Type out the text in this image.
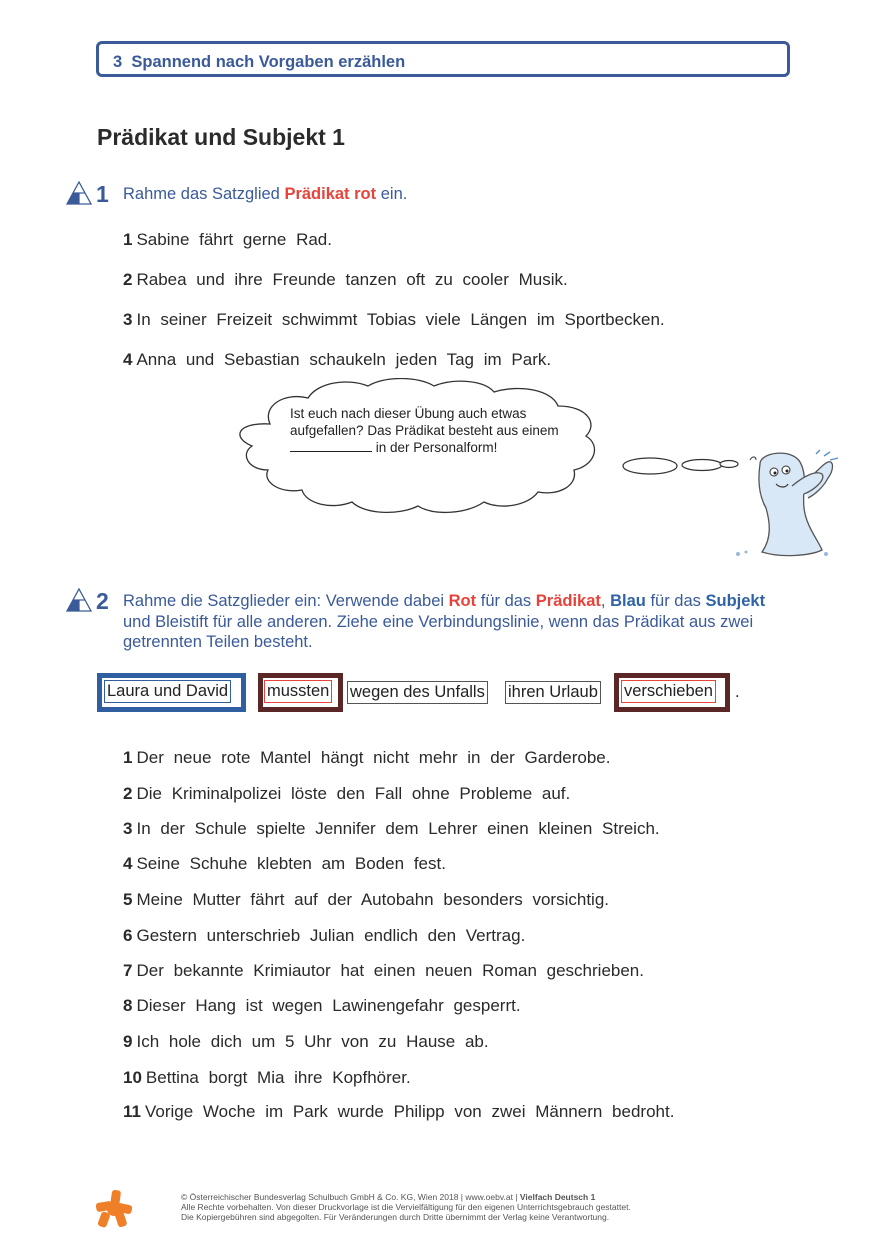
3 Spannend nach Vorgaben erzählen
Prädikat und Subjekt 1
1 Rahme das Satzglied Prädikat rot ein.
1 Sabine fährt gerne Rad.
2 Rabea und ihre Freunde tanzen oft zu cooler Musik.
3 In seiner Freizeit schwimmt Tobias viele Längen im Sportbecken.
4 Anna und Sebastian schaukeln jeden Tag im Park.
Ist euch nach dieser Übung auch etwas aufgefallen? Das Prädikat besteht aus einem  in der Personalform!
2 Rahme die Satzglieder ein: Verwende dabei Rot für das Prädikat, Blau für das Subjekt und Bleistift für alle anderen. Ziehe eine Verbindungslinie, wenn das Prädikat aus zwei getrennten Teilen besteht.
Laura und David mussten wegen des Unfalls ihren Urlaub verschieben .
1 Der neue rote Mantel hängt nicht mehr in der Garderobe.
2 Die Kriminalpolizei löste den Fall ohne Probleme auf.
3 In der Schule spielte Jennifer dem Lehrer einen kleinen Streich.
4 Seine Schuhe klebten am Boden fest.
5 Meine Mutter fährt auf der Autobahn besonders vorsichtig.
6 Gestern unterschrieb Julian endlich den Vertrag.
7 Der bekannte Krimiautor hat einen neuen Roman geschrieben.
8 Dieser Hang ist wegen Lawinengefahr gesperrt.
9 Ich hole dich um 5 Uhr von zu Hause ab.
10 Bettina borgt Mia ihre Kopfhörer.
11 Vorige Woche im Park wurde Philipp von zwei Männern bedroht.
© Österreichischer Bundesverlag Schulbuch GmbH & Co. KG, Wien 2018 | www.oebv.at | Vielfach Deutsch 1
Alle Rechte vorbehalten. Von dieser Druckvorlage ist die Vervielfältigung für den eigenen Unterrichtsgebrauch gestattet.
Die Kopiergebühren sind abgegolten. Für Veränderungen durch Dritte übernimmt der Verlag keine Verantwortung.
